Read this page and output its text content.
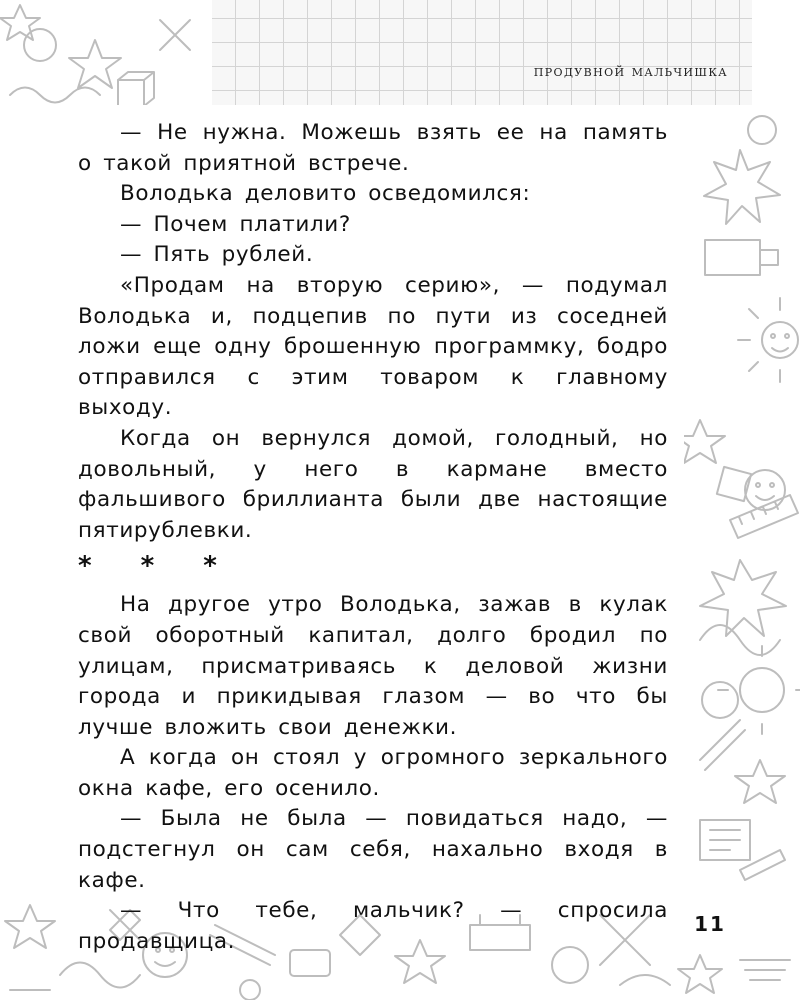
продувной мальчишка

— Не нужна. Можешь взять ее на память о такой приятной встрече.

Володька деловито осведомился:

— Почем платили?

— Пять рублей.

«Продам на вторую серию», — подумал Володька и, подцепив по пути из соседней ложи еще одну брошенную программку, бодро отправился с этим товаром к главному выходу.

Когда он вернулся домой, голодный, но довольный, у него в кармане вместо фальшивого бриллианта были две настоящие пятирублевки.

* * *

На другое утро Володька, зажав в кулак свой оборотный капитал, долго бродил по улицам, присматриваясь к деловой жизни города и прикидывая глазом — во что бы лучше вложить свои денежки.

А когда он стоял у огромного зеркального окна кафе, его осенило.

— Была не была — повидаться надо, — подстегнул он сам себя, нахально входя в кафе.

— Что тебе, мальчик? — спросила продавщица.

11
